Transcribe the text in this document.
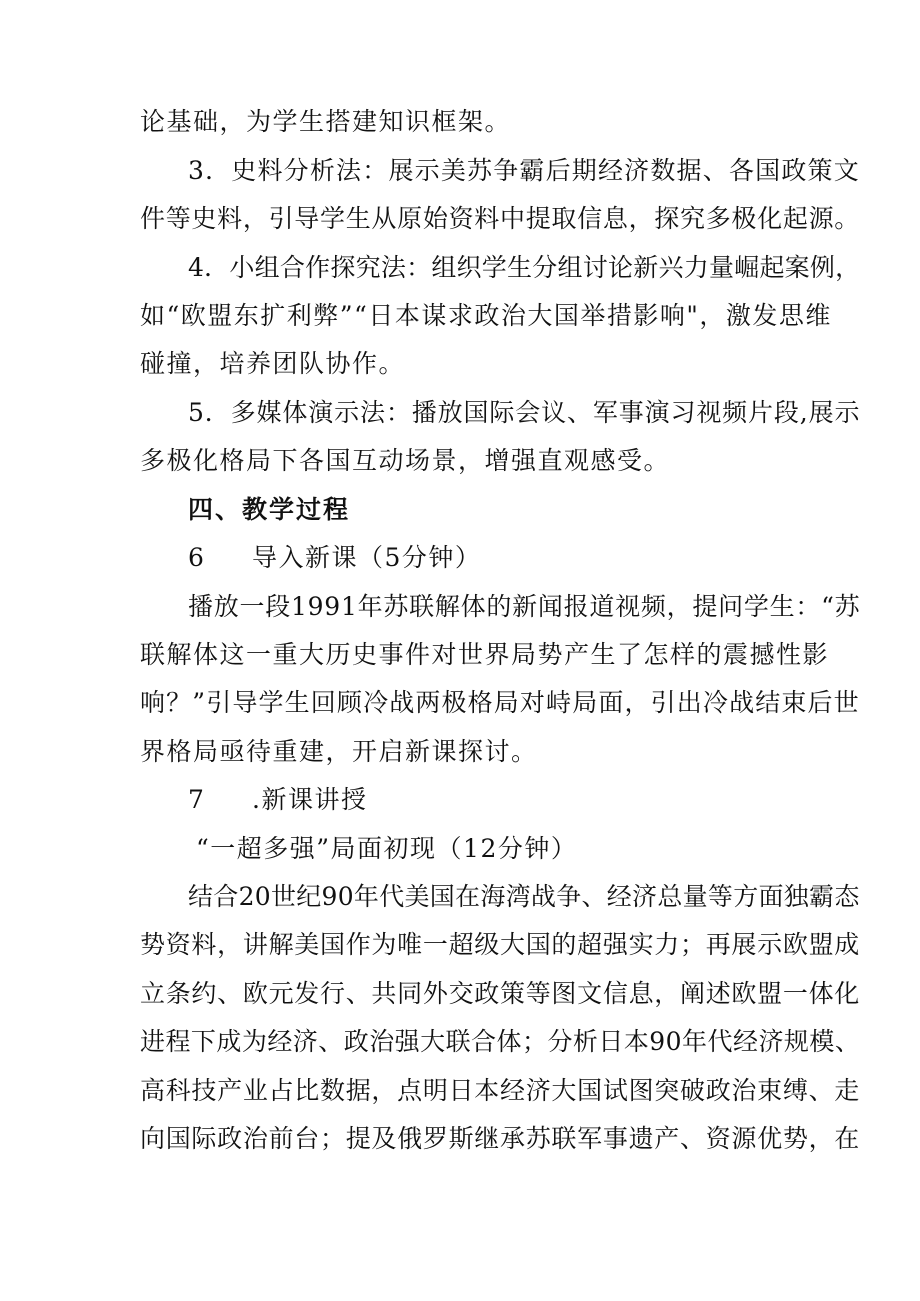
论基础，为学生搭建知识框架。
3．史料分析法：展示美苏争霸后期经济数据、各国政策文
件等史料，引导学生从原始资料中提取信息，探究多极化起源。
4．小组合作探究法：组织学生分组讨论新兴力量崛起案例，
如“欧盟东扩利弊”“日本谋求政治大国举措影响"，激发思维
碰撞，培养团队协作。
5．多媒体演示法：播放国际会议、军事演习视频片段,展示
多极化格局下各国互动场景，增强直观感受。
四、教学过程
6 导入新课（5分钟）
播放一段1991年苏联解体的新闻报道视频，提问学生：“苏
联解体这一重大历史事件对世界局势产生了怎样的震撼性影
响？”引导学生回顾冷战两极格局对峙局面，引出冷战结束后世
界格局亟待重建，开启新课探讨。
7 .新课讲授
“一超多强”局面初现（12分钟）
结合20世纪90年代美国在海湾战争、经济总量等方面独霸态
势资料，讲解美国作为唯一超级大国的超强实力；再展示欧盟成
立条约、欧元发行、共同外交政策等图文信息，阐述欧盟一体化
进程下成为经济、政治强大联合体；分析日本90年代经济规模、
高科技产业占比数据，点明日本经济大国试图突破政治束缚、走
向国际政治前台；提及俄罗斯继承苏联军事遗产、资源优势，在
